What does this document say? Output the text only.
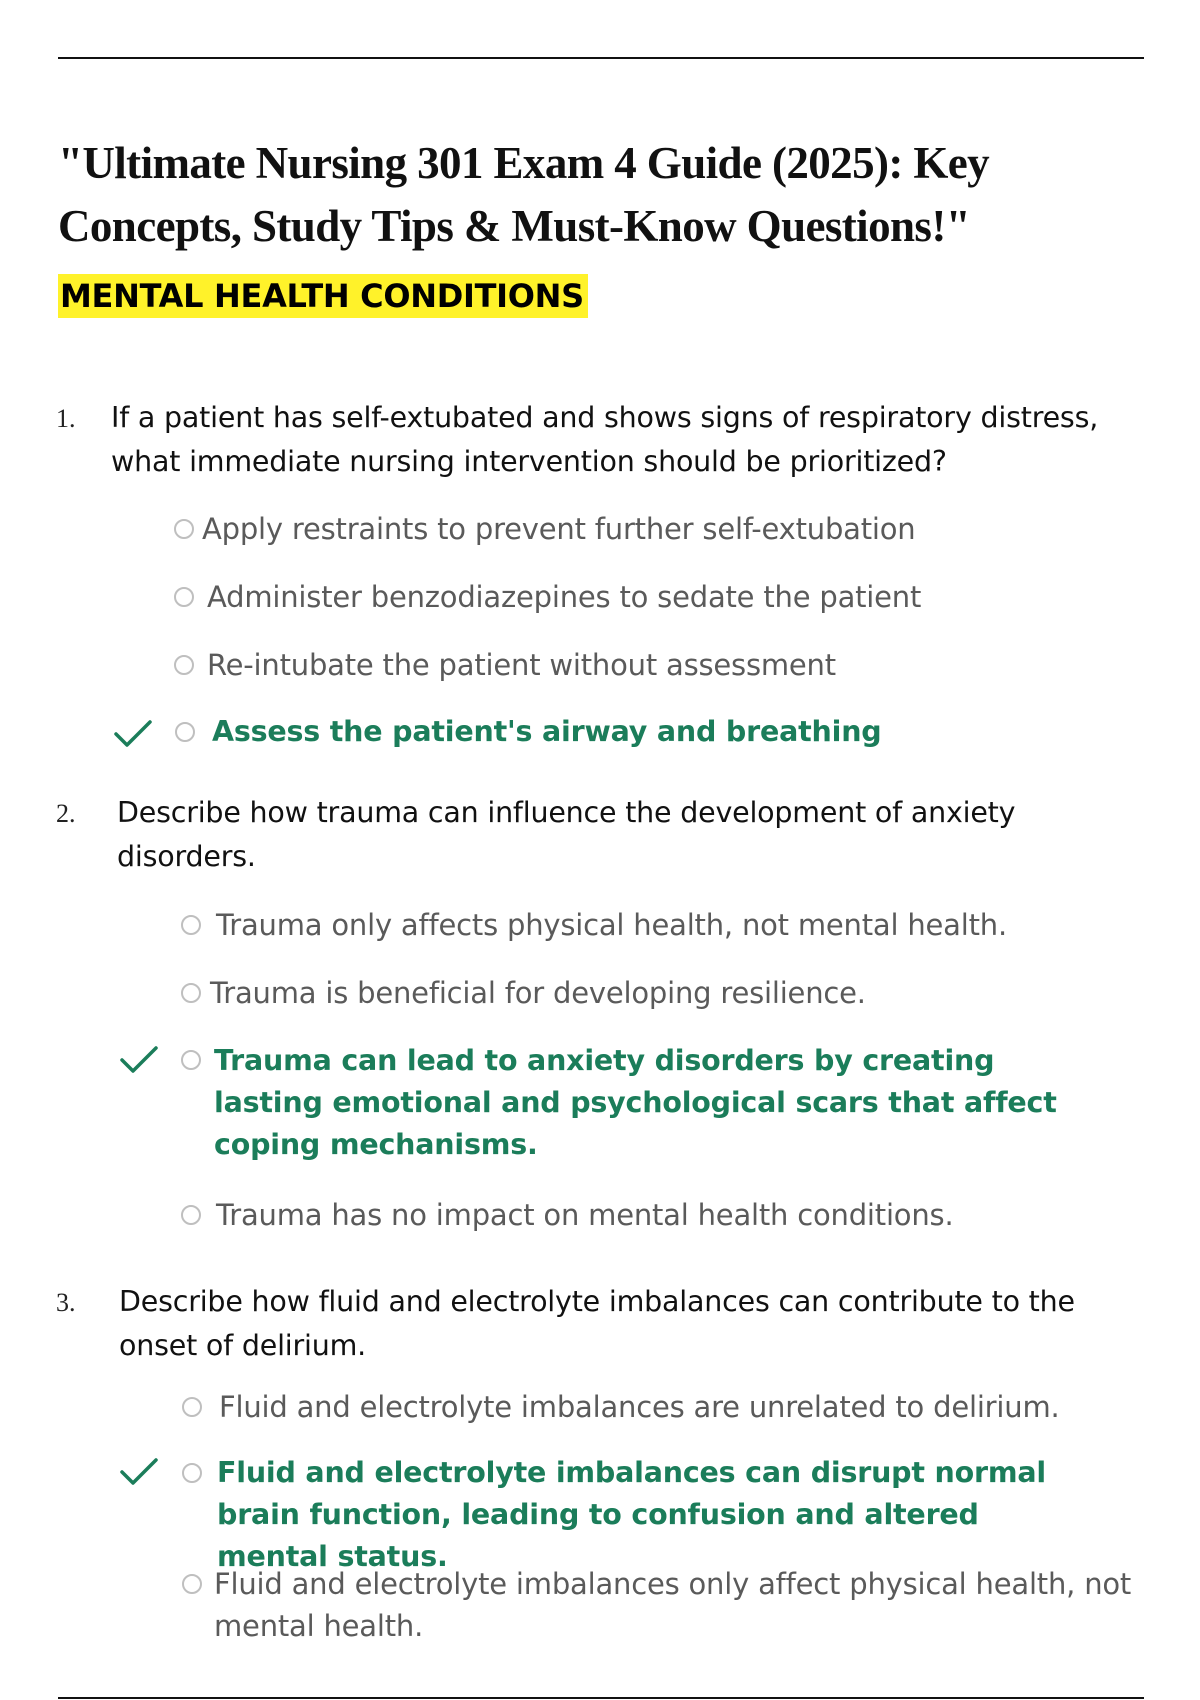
"Ultimate Nursing 301 Exam 4 Guide (2025): Key Concepts, Study Tips & Must-Know Questions!"
MENTAL HEALTH CONDITIONS
1. If a patient has self-extubated and shows signs of respiratory distress, what immediate nursing intervention should be prioritized?
Apply restraints to prevent further self-extubation
Administer benzodiazepines to sedate the patient
Re-intubate the patient without assessment
Assess the patient's airway and breathing
2. Describe how trauma can influence the development of anxiety disorders.
Trauma only affects physical health, not mental health.
Trauma is beneficial for developing resilience.
Trauma can lead to anxiety disorders by creating lasting emotional and psychological scars that affect coping mechanisms.
Trauma has no impact on mental health conditions.
3. Describe how fluid and electrolyte imbalances can contribute to the onset of delirium.
Fluid and electrolyte imbalances are unrelated to delirium.
Fluid and electrolyte imbalances can disrupt normal brain function, leading to confusion and altered mental status.
Fluid and electrolyte imbalances only affect physical health, not mental health.
